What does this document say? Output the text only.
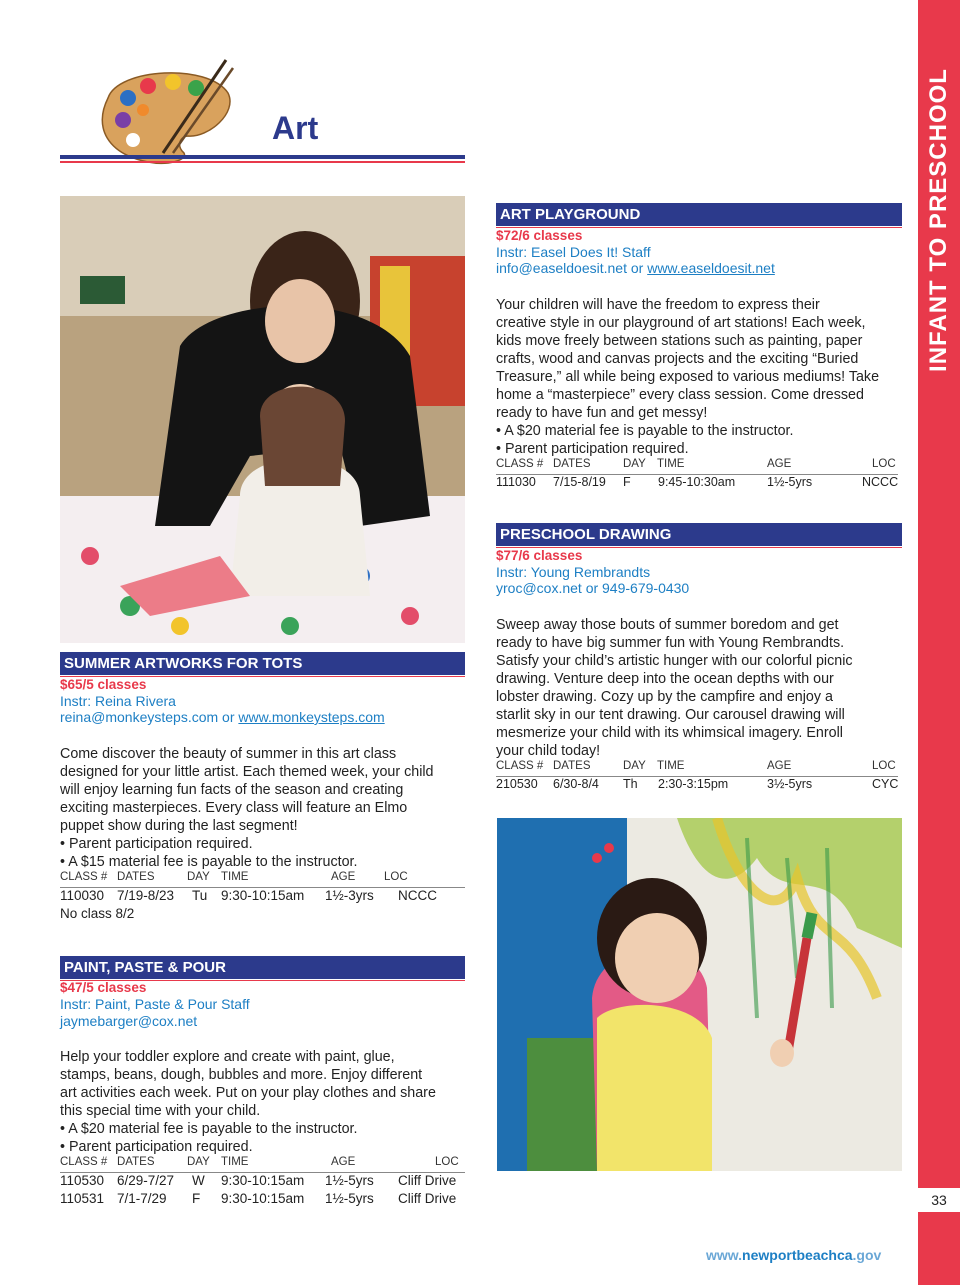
INFANT TO PRESCHOOL
33
Art
SUMMER ARTWORKS FOR TOTS
$65/5 classes
Instr: Reina Rivera
reina@monkeysteps.com or www.monkeysteps.com
Come discover the beauty of summer in this art class
designed for your little artist. Each themed week, your child
will enjoy learning fun facts of the season and creating
exciting masterpieces. Every class will feature an Elmo
puppet show during the last segment!
• Parent participation required.
• A $15 material fee is payable to the instructor.
CLASS # DATES	DAY TIME	AGE LOC
110030 7/19-8/23 Tu 9:30-10:15am 1½-3yrs NCCC
No class 8/2
PAINT, PASTE & POUR
$47/5 classes
Instr: Paint, Paste & Pour Staff
jaymebarger@cox.net
Help your toddler explore and create with paint, glue,
stamps, beans, dough, bubbles and more. Enjoy different
art activities each week. Put on your play clothes and share
this special time with your child.
• A $20 material fee is payable to the instructor.
• Parent participation required.
CLASS # DATES	DAY TIME	AGE	LOC
110530 6/29-7/27 W 9:30-10:15am 1½-5yrs Cliff Drive
110531 7/1-7/29 F 9:30-10:15am 1½-5yrs Cliff Drive
ART PLAYGROUND
$72/6 classes
Instr: Easel Does It! Staff
info@easeldoesit.net or www.easeldoesit.net
Your children will have the freedom to express their
creative style in our playground of art stations! Each week,
kids move freely between stations such as painting, paper
crafts, wood and canvas projects and the exciting “Buried
Treasure,” all while being exposed to various mediums! Take
home a “masterpiece” every class session. Come dressed
ready to have fun and get messy!
• A $20 material fee is payable to the instructor.
• Parent participation required.
CLASS # DATES	DAY TIME	AGE	LOC
111030 7/15-8/19 F 9:45-10:30am	1½-5yrs	NCCC
PRESCHOOL DRAWING
$77/6 classes
Instr: Young Rembrandts
yroc@cox.net or 949-679-0430
Sweep away those bouts of summer boredom and get
ready to have big summer fun with Young Rembrandts.
Satisfy your child’s artistic hunger with our colorful picnic
drawing. Venture deep into the ocean depths with our
lobster drawing. Cozy up by the campfire and enjoy a
starlit sky in our tent drawing. Our carousel drawing will
mesmerize your child with its whimsical imagery. Enroll
your child today!
CLASS # DATES	DAY TIME	AGE	LOC
210530 6/30-8/4 Th 2:30-3:15pm	3½-5yrs	CYC
www.newportbeachca.gov
